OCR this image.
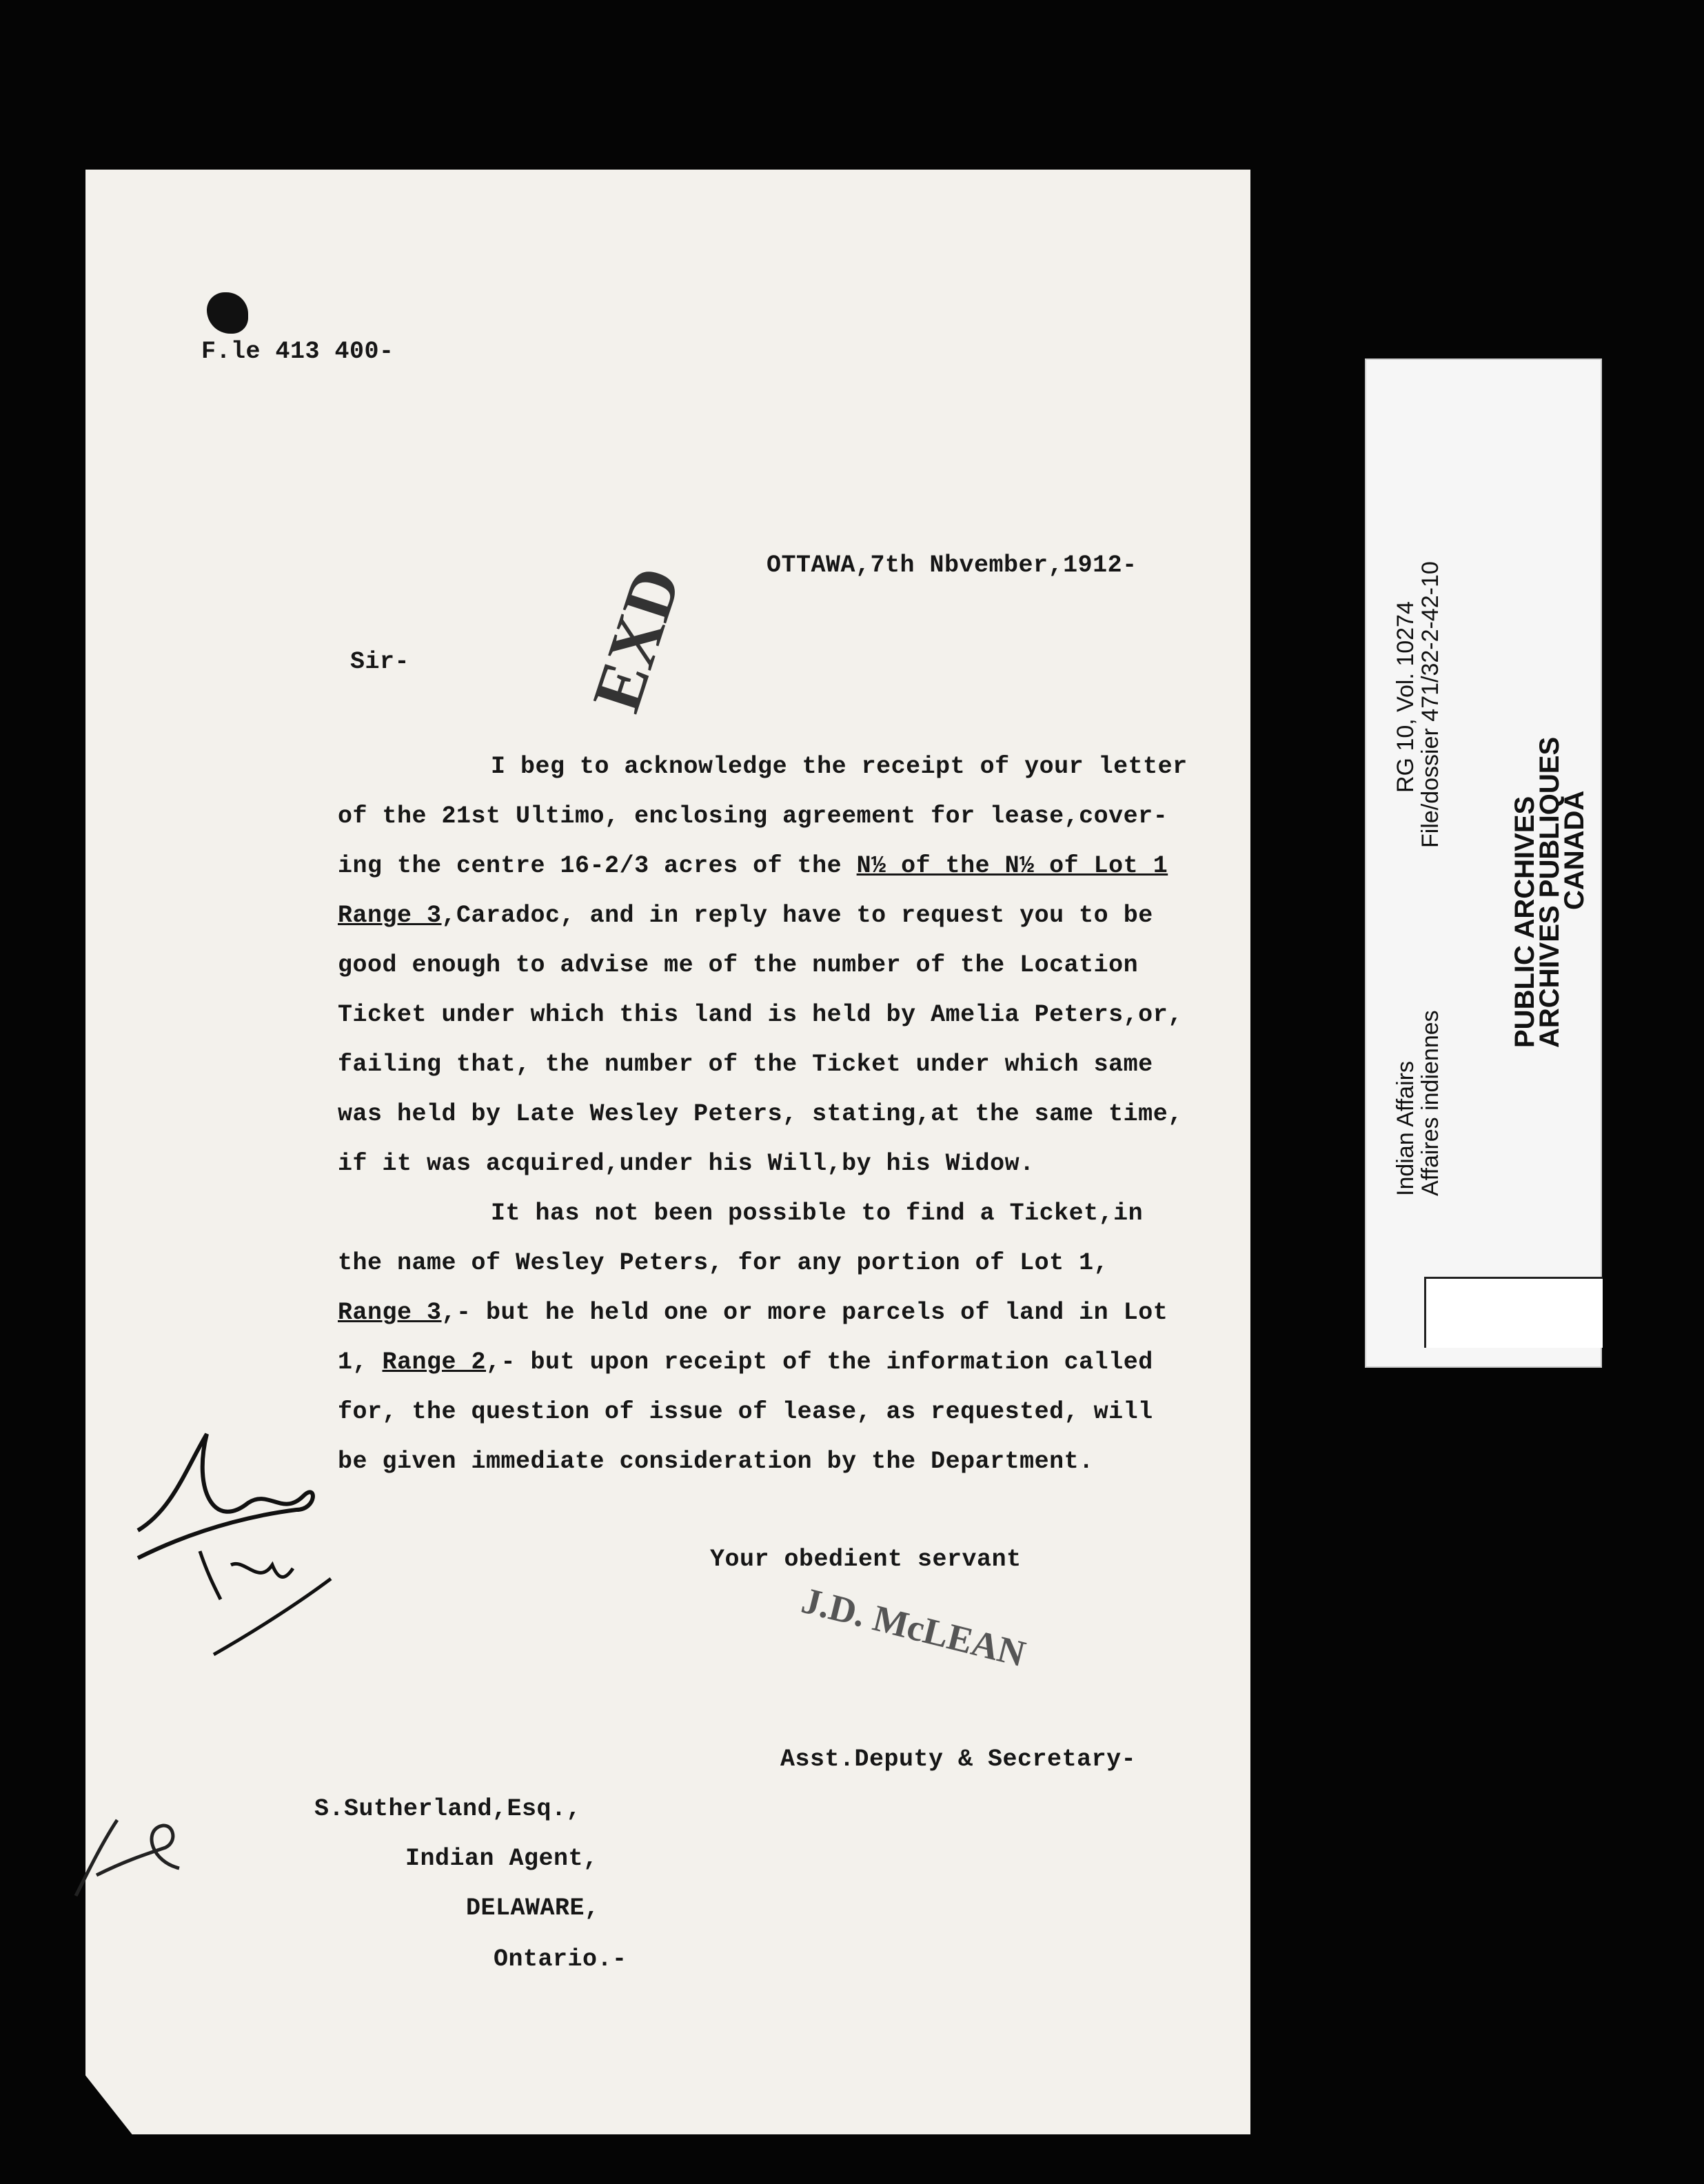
F.le 413 400-
EXD	OTTAWA,7th Nbvember,1912-
Sir-
I beg to acknowledge the receipt of your letter
of the 21st Ultimo, enclosing agreement for lease,cover-
ing the centre 16-2/3 acres of the N½ of the N½ of Lot 1
Range 3,Caradoc, and in reply have to request you to be
good enough to advise me of the number of the Location
Ticket under which this land is held by Amelia Peters,or,
failing that, the number of the Ticket under which same
was held by Late Wesley Peters, stating,at the same time,
if it was acquired,under his Will,by his Widow.
It has not been possible to find a Ticket,in
the name of Wesley Peters, for any portion of Lot 1,
Range 3,- but he held one or more parcels of land in Lot
1, Range 2,- but upon receipt of the information called
for, the question of issue of lease, as requested, will
be given immediate consideration by the Department.
Your obedient servant
J.D. McLEAN
Asst.Deputy & Secretary-
S.Sutherland,Esq.,
Indian Agent,
DELAWARE,
Ontario.-
PUBLIC ARCHIVES
ARCHIVES PUBLIQUES
CANADA
RG 10, Vol. 10274
File/dossier 471/32-2-42-10
Indian Affairs
Affaires indiennes
